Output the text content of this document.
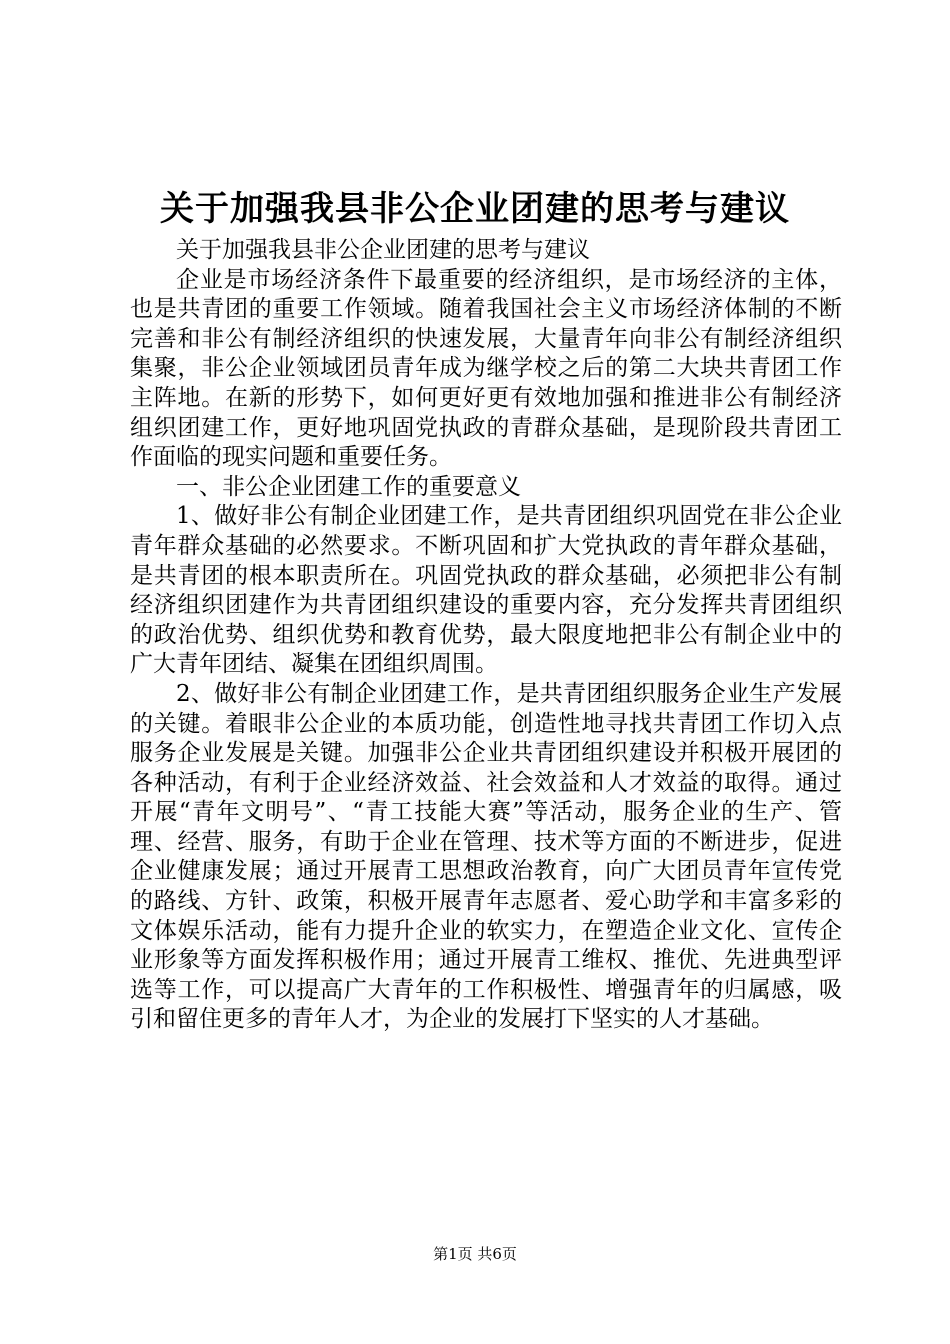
关于加强我县非公企业团建的思考与建议

关于加强我县非公企业团建的思考与建议

企业是市场经济条件下最重要的经济组织，是市场经济的主体，也是共青团的重要工作领域。随着我国社会主义市场经济体制的不断完善和非公有制经济组织的快速发展，大量青年向非公有制经济组织集聚，非公企业领域团员青年成为继学校之后的第二大块共青团工作主阵地。在新的形势下，如何更好更有效地加强和推进非公有制经济组织团建工作，更好地巩固党执政的青群众基础，是现阶段共青团工作面临的现实问题和重要任务。

一、非公企业团建工作的重要意义

1、做好非公有制企业团建工作，是共青团组织巩固党在非公企业青年群众基础的必然要求。不断巩固和扩大党执政的青年群众基础，是共青团的根本职责所在。巩固党执政的群众基础，必须把非公有制经济组织团建作为共青团组织建设的重要内容，充分发挥共青团组织的政治优势、组织优势和教育优势，最大限度地把非公有制企业中的广大青年团结、凝集在团组织周围。

2、做好非公有制企业团建工作，是共青团组织服务企业生产发展的关键。着眼非公企业的本质功能，创造性地寻找共青团工作切入点服务企业发展是关键。加强非公企业共青团组织建设并积极开展团的各种活动，有利于企业经济效益、社会效益和人才效益的取得。通过开展“青年文明号”、“青工技能大赛”等活动，服务企业的生产、管理、经营、服务，有助于企业在管理、技术等方面的不断进步，促进企业健康发展；通过开展青工思想政治教育，向广大团员青年宣传党的路线、方针、政策，积极开展青年志愿者、爱心助学和丰富多彩的文体娱乐活动，能有力提升企业的软实力，在塑造企业文化、宣传企业形象等方面发挥积极作用；通过开展青工维权、推优、先进典型评选等工作，可以提高广大青年的工作积极性、增强青年的归属感，吸引和留住更多的青年人才，为企业的发展打下坚实的人才基础。

第1页 共6页
